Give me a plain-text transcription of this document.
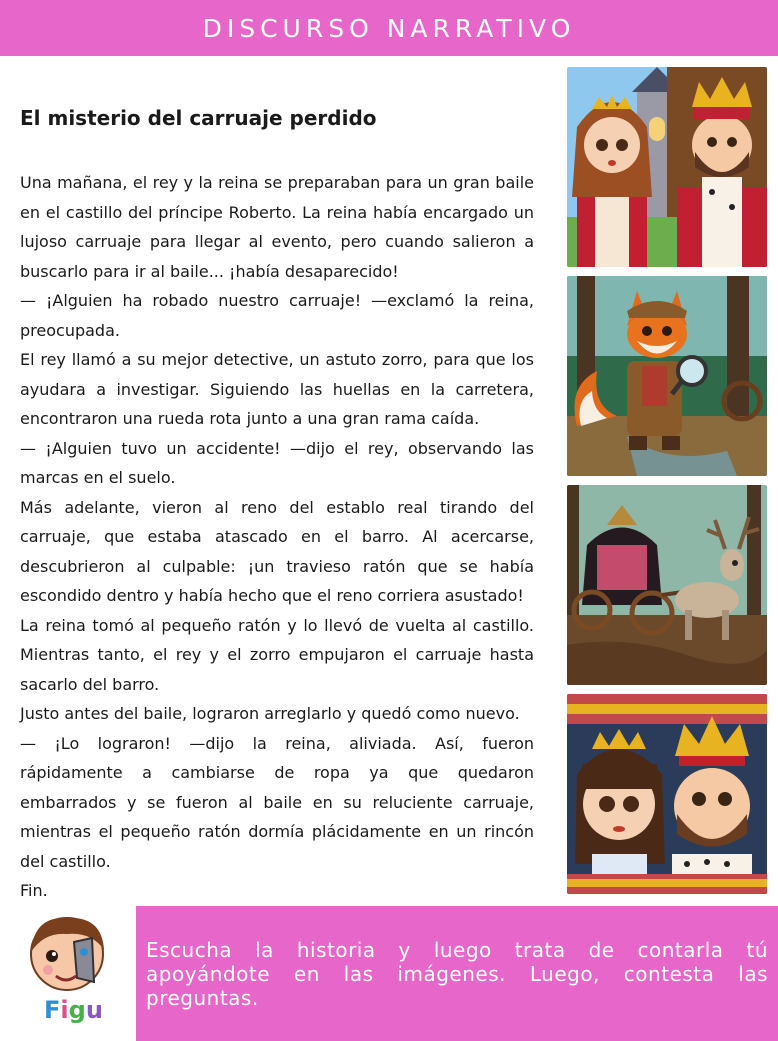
DISCURSO NARRATIVO
El misterio del carruaje perdido

Una mañana, el rey y la reina se preparaban para un gran baile en el castillo del príncipe Roberto. La reina había encargado un lujoso carruaje para llegar al evento, pero cuando salieron a buscarlo para ir al baile... ¡había desaparecido!

— ¡Alguien ha robado nuestro carruaje! —exclamó la reina, preocupada.

El rey llamó a su mejor detective, un astuto zorro, para que los ayudara a investigar. Siguiendo las huellas en la carretera, encontraron una rueda rota junto a una gran rama caída.

— ¡Alguien tuvo un accidente! —dijo el rey, observando las marcas en el suelo.

Más adelante, vieron al reno del establo real tirando del carruaje, que estaba atascado en el barro. Al acercarse, descubrieron al culpable: ¡un travieso ratón que se había escondido dentro y había hecho que el reno corriera asustado!

La reina tomó al pequeño ratón y lo llevó de vuelta al castillo. Mientras tanto, el rey y el zorro empujaron el carruaje hasta sacarlo del barro.

Justo antes del baile, lograron arreglarlo y quedó como nuevo.

— ¡Lo lograron! —dijo la reina, aliviada. Así, fueron rápidamente a cambiarse de ropa ya que quedaron embarrados y se fueron al baile en su reluciente carruaje, mientras el pequeño ratón dormía plácidamente en un rincón del castillo.

Fin.

Escucha la historia y luego trata de contarla tú apoyándote en las imágenes. Luego, contesta las preguntas.
Figu
